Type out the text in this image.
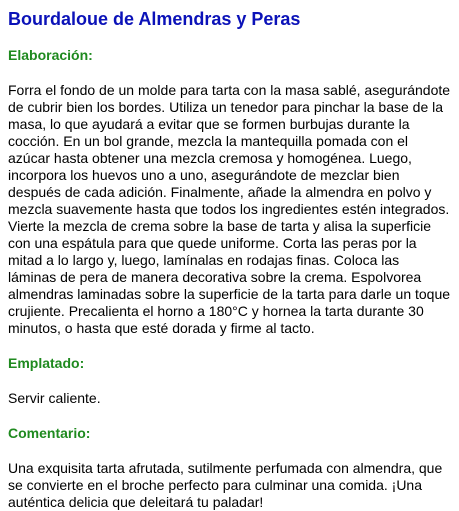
Bourdaloue de Almendras y Peras
Elaboración:

Forra el fondo de un molde para tarta con la masa sablé, asegurándote de cubrir bien los bordes. Utiliza un tenedor para pinchar la base de la masa, lo que ayudará a evitar que se formen burbujas durante la cocción. En un bol grande, mezcla la mantequilla pomada con el azúcar hasta obtener una mezcla cremosa y homogénea. Luego, incorpora los huevos uno a uno, asegurándote de mezclar bien después de cada adición. Finalmente, añade la almendra en polvo y mezcla suavemente hasta que todos los ingredientes estén integrados. Vierte la mezcla de crema sobre la base de tarta y alisa la superficie con una espátula para que quede uniforme. Corta las peras por la mitad a lo largo y, luego, lamínalas en rodajas finas. Coloca las láminas de pera de manera decorativa sobre la crema. Espolvorea almendras laminadas sobre la superficie de la tarta para darle un toque crujiente. Precalienta el horno a 180°C y hornea la tarta durante 30 minutos, o hasta que esté dorada y firme al tacto.

Emplatado:

Servir caliente.

Comentario:

Una exquisita tarta afrutada, sutilmente perfumada con almendra, que se convierte en el broche perfecto para culminar una comida. ¡Una auténtica delicia que deleitará tu paladar!
